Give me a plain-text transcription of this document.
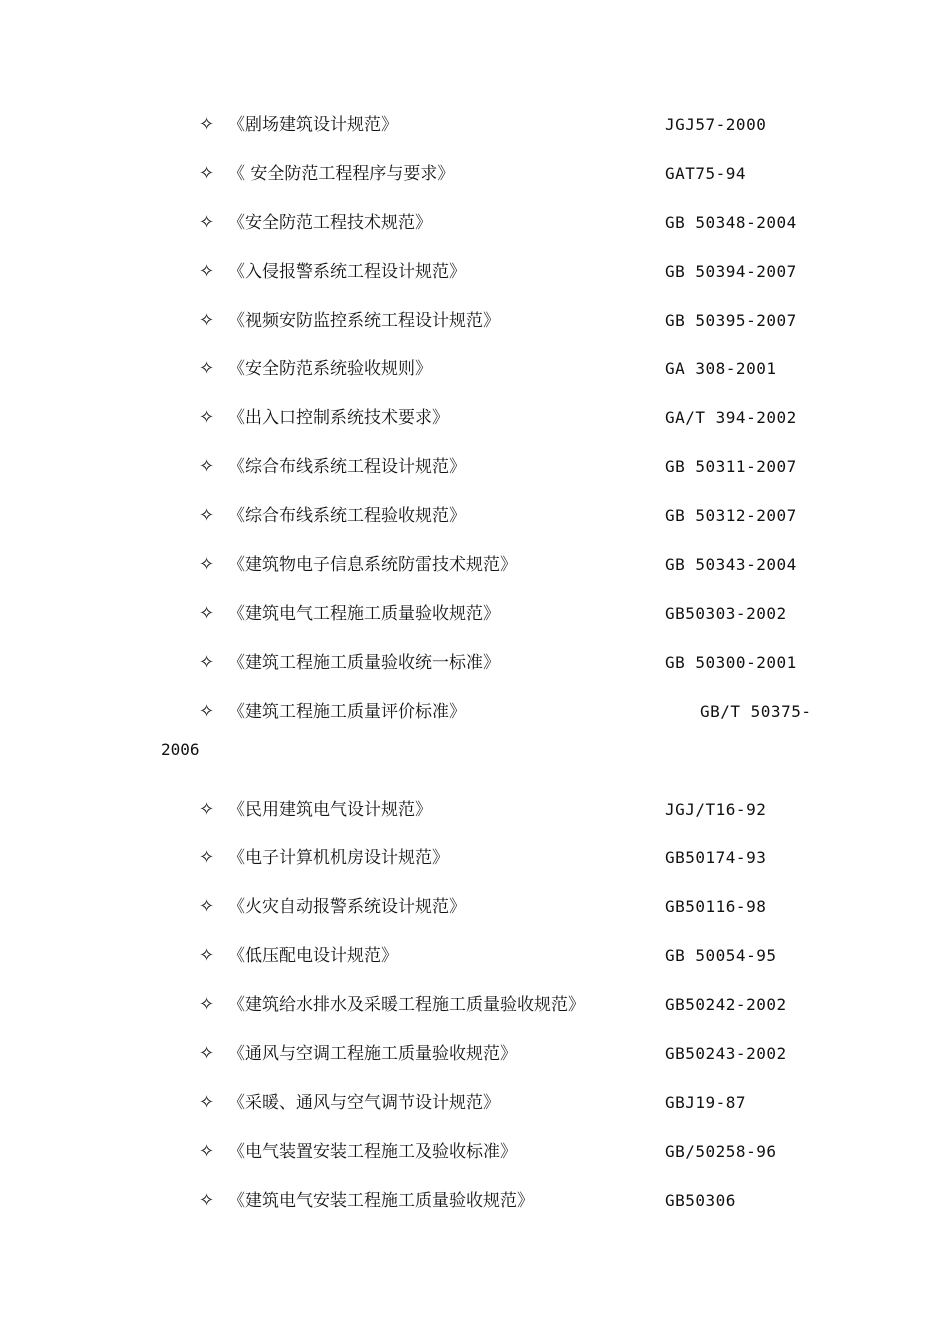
✧ 《剧场建筑设计规范》	JGJ57-2000
✧ 《 安全防范工程程序与要求》	GAT75-94
✧ 《安全防范工程技术规范》	GB 50348-2004
✧ 《入侵报警系统工程设计规范》	GB 50394-2007
✧ 《视频安防监控系统工程设计规范》	GB 50395-2007
✧ 《安全防范系统验收规则》	GA 308-2001
✧ 《出入口控制系统技术要求》	GA/T 394-2002
✧ 《综合布线系统工程设计规范》	GB 50311-2007
✧ 《综合布线系统工程验收规范》	GB 50312-2007
✧ 《建筑物电子信息系统防雷技术规范》	GB 50343-2004
✧ 《建筑电气工程施工质量验收规范》	GB50303-2002
✧ 《建筑工程施工质量验收统一标准》	GB 50300-2001
✧ 《建筑工程施工质量评价标准》	GB/T 50375-
2006
✧ 《民用建筑电气设计规范》	JGJ/T16-92
✧ 《电子计算机机房设计规范》	GB50174-93
✧ 《火灾自动报警系统设计规范》	GB50116-98
✧ 《低压配电设计规范》	GB 50054-95
✧ 《建筑给水排水及采暖工程施工质量验收规范》	GB50242-2002
✧ 《通风与空调工程施工质量验收规范》	GB50243-2002
✧ 《采暖、通风与空气调节设计规范》	GBJ19-87
✧ 《电气装置安装工程施工及验收标准》	GB/50258-96
✧ 《建筑电气安装工程施工质量验收规范》	GB50306
